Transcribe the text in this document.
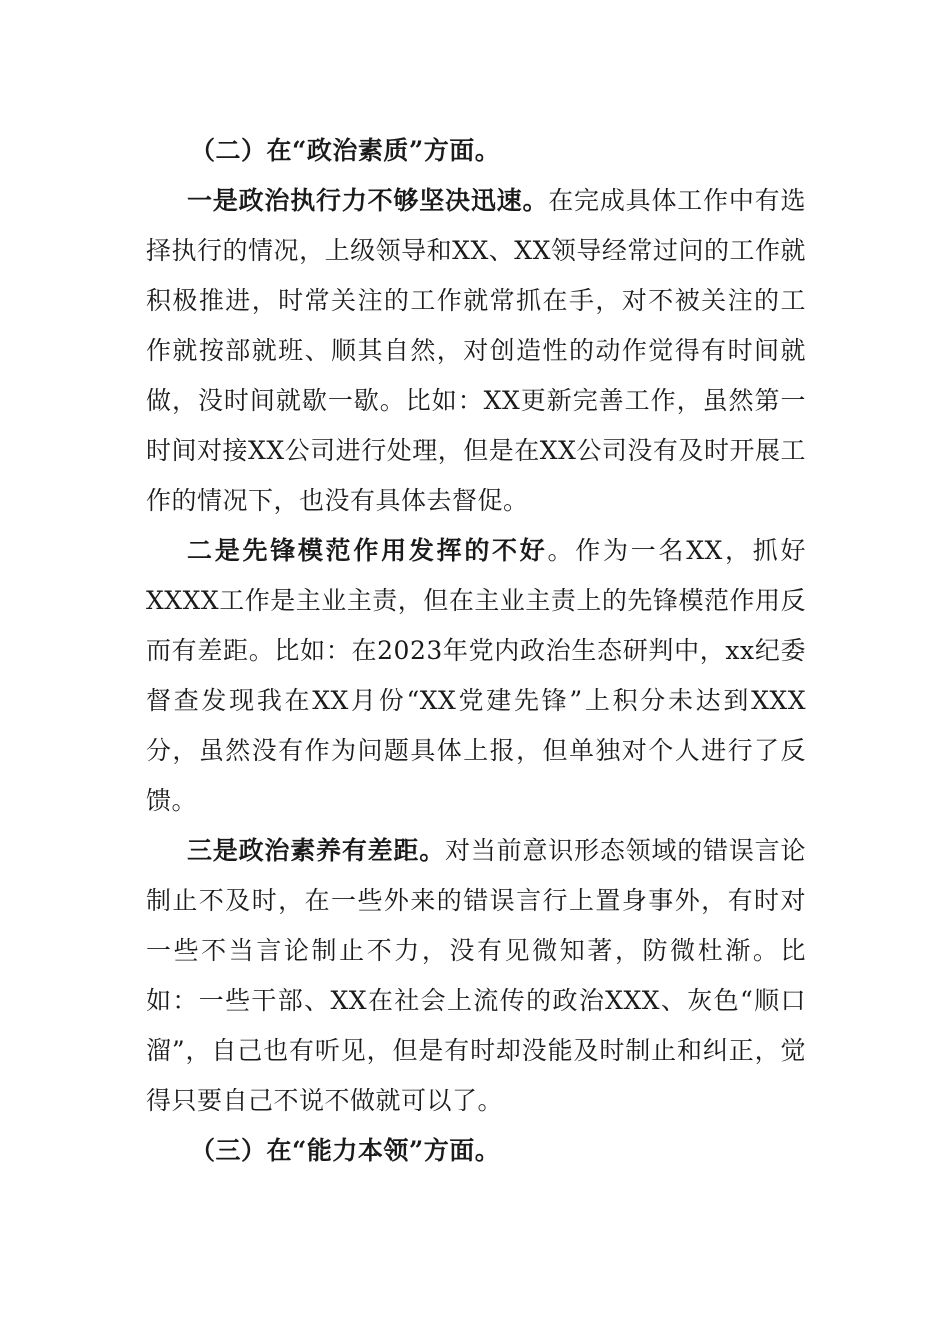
（二）在“政治素质”方面。

一是政治执行力不够坚决迅速。在完成具体工作中有选择执行的情况，上级领导和XX、XX领导经常过问的工作就积极推进，时常关注的工作就常抓在手，对不被关注的工作就按部就班、顺其自然，对创造性的动作觉得有时间就做，没时间就歇一歇。比如：XX更新完善工作，虽然第一时间对接XX公司进行处理，但是在XX公司没有及时开展工作的情况下，也没有具体去督促。

二是先锋模范作用发挥的不好。作为一名XX，抓好XXXX工作是主业主责，但在主业主责上的先锋模范作用反而有差距。比如：在2023年党内政治生态研判中，xx纪委督查发现我在XX月份“XX党建先锋”上积分未达到XXX分，虽然没有作为问题具体上报，但单独对个人进行了反馈。

三是政治素养有差距。对当前意识形态领域的错误言论制止不及时，在一些外来的错误言行上置身事外，有时对一些不当言论制止不力，没有见微知著，防微杜渐。比如：一些干部、XX在社会上流传的政治XXX、灰色“顺口溜”，自己也有听见，但是有时却没能及时制止和纠正，觉得只要自己不说不做就可以了。

（三）在“能力本领”方面。
